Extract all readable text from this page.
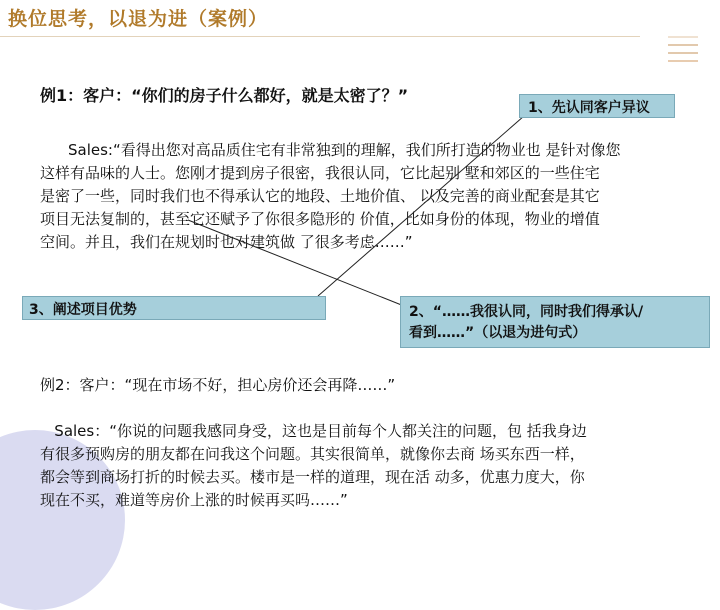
换位思考，以退为进（案例）
例1：客户：“你们的房子什么都好，就是太密了？”
Sales:“看得出您对高品质住宅有非常独到的理解，我们所打造的物业也 是针对像您
这样有品味的人士。您刚才提到房子很密，我很认同，它比起别 墅和郊区的一些住宅
是密了一些，同时我们也不得承认它的地段、土地价值、 以及完善的商业配套是其它
项目无法复制的，甚至它还赋予了你很多隐形的 价值，比如身份的体现，物业的增值
空间。并且，我们在规划时也对建筑做 了很多考虑……”
1、先认同客户异议
2、“……我很认同，同时我们得承认/
看到……”（以退为进句式）
3、阐述项目优势
例2：客户：“现在市场不好，担心房价还会再降……”
Sales：“你说的问题我感同身受，这也是目前每个人都关注的问题，包 括我身边
有很多预购房的朋友都在问我这个问题。其实很简单，就像你去商 场买东西一样，
都会等到商场打折的时候去买。楼市是一样的道理，现在活 动多，优惠力度大，你
现在不买，难道等房价上涨的时候再买吗……”
